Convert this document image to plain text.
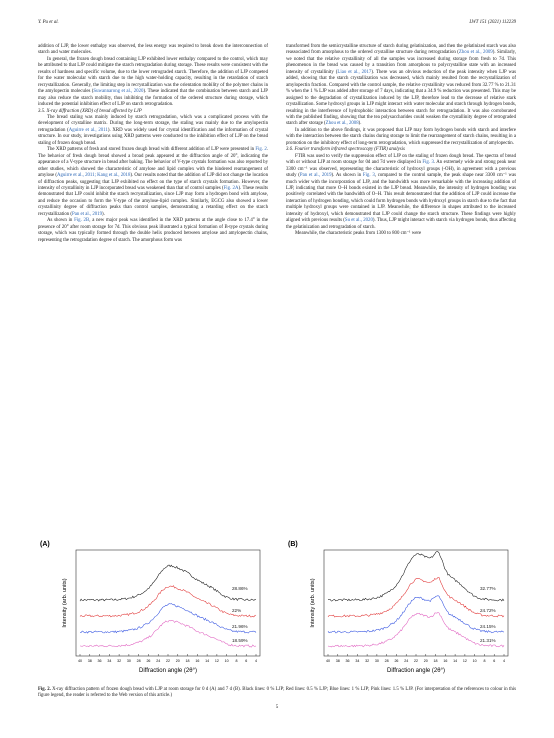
Y. Pu et al.	LWT 151 (2021) 112239

addition of LJP, the lower enthalpy was observed, the less energy was required to break down the interconnection of starch and water molecules.

In general, the frozen dough bread containing LJP exhibited lower enthalpy compared to the control, which may be attributed to that LJP could mitigate the starch retrogradation during storage. These results were consistent with the results of hardness and specific volume, due to the lower retrograded starch. Therefore, the addition of LJP competed for the water molecular with starch due to the high water-holding capacity, resulting in the retardation of starch recrystallization. Generally, the limiting step in recrystallization was the orientation mobility of the polymer chains in the amylopectin molecules (Suwannarong et al., 2020). These indicated that the combination between starch and LJP may also reduce the starch mobility, thus inhibiting the formation of the ordered structure during storage, which induced the potential inhibition effect of LJP on starch retrogradation.

3.5. X-ray diffraction (XRD) of bread affected by LJP

The bread staling was mainly induced by starch retrogradation, which was a complicated process with the development of crystalline matrix. During the long-term storage, the staling was mainly due to the amylopectin retrogradation (Aguirre et al., 2011). XRD was widely used for crystal identification and the information of crystal structure. In our study, investigations using XRD patterns were conducted to the inhibition effect of LJP on the bread staling of frozen dough bread.

The XRD patterns of fresh and stored frozen dough bread with different addition of LJP were presented in Fig. 2. The behavior of fresh dough bread showed a broad peak appeared at the diffraction angle of 20°, indicating the appearance of a V-type structure in bread after baking. The behavior of V-type crystals formation was also reported by other studies, which showed the characteristic of amylose and lipid complex with the hindered rearrangement of amylose (Aguirre et al., 2011; Kang et al., 2018). Our results noted that the addition of LJP did not change the location of diffraction peaks, suggesting that LJP exhibited no effect on the type of starch crystals formation. However, the intensity of crystallinity in LJP incorporated bread was weakened than that of control samples (Fig. 2A). These results demonstrated that LJP could inhibit the starch recrystallization, since LJP may form a hydrogen bond with amylose, and reduce the occasion to form the V-type of the amylose-lipid complex. Similarly, EGCG also showed a lower crystallinity degree of diffraction peaks than control samples, demonstrating a retarding effect on the starch recrystallization (Pan et al., 2019).

As shown in Fig. 2B, a new major peak was identified in the XRD patterns at the angle close to 17.4° in the presence of 20° after room storage for 7d. This obvious peak illustrated a typical formation of B-type crystals during storage, which was typically formed through the double helix produced between amylose and amylopectin chains, representing the retrogradation degree of starch. The amorphous form was

transformed from the semicrystalline structure of starch during gelatinization, and then the gelatinized starch was also reassociated from amorphous to the ordered crystalline structure during retrogradation (Zhou et al., 2009). Similarly, we noted that the relative crystallinity of all the samples was increased during storage from fresh to 7d. This phenomenon in the bread was caused by a transition from amorphous to polycrystalline state with an increased intensity of crystallinity (Liao et al., 2017). There was an obvious reduction of the peak intensity when LJP was added, showing that the starch crystallization was decreased, which mainly resulted from the recrystallization of amylopectin fraction. Compared with the control sample, the relative crystallinity was reduced from 32.77 % to 21.31 % when the 1 % LJP was added after storage of 7 days, indicating that a 34.9 % reduction was presented. This may be assigned to the degradation of crystallization induced by the LJP, therefore lead to the decrease of relative stark crystallization. Some hydroxyl groups in LJP might interact with water molecular and starch through hydrogen bonds, resulting in the interference of hydrophobic interaction between starch for retrogradation. It was also corroborated with the published finding, showing that the tea polysaccharides could weaken the crystallinity degree of retrograded starch after storage (Zhou et al., 2008).

In addition to the above findings, it was proposed that LJP may form hydrogen bonds with starch and interfere with the interaction between the starch chains during storage to limit the rearrangement of starch chains, resulting in a promotion on the inhibitory effect of long-term retrogradation, which suppressed the recrystallization of amylopectin.

3.6. Fourier transform infrared spectroscopy (FTIR) analysis

FTIR was used to verify the suppression effect of LJP on the staling of frozen dough bread. The spectra of bread with or without LJP at room storage for 0d and 7d were displayed in Fig. 3. An extremely wide and strong peak near 3300 cm⁻¹ was observed, representing the characteristic of hydroxyl groups (-OH), in agreement with a previous study (Pan et al., 2019). As shown in Fig. 3, compared to the control sample, the peak shape near 3300 cm⁻¹ was much wider with the incorporation of LJP, and the bandwidth was more remarkable with the increasing addition of LJP, indicating that more O–H bonds existed in the LJP bread. Meanwhile, the intensity of hydrogen bonding was positively correlated with the bandwidth of O–H. This result demonstrated that the addition of LJP could increase the interaction of hydrogen bonding, which could form hydrogen bonds with hydroxyl groups in starch due to the fact that multiple hydroxyl groups were contained in LJP. Meanwhile, the difference in shapes attributed to the increased intensity of hydroxyl, which demonstrated that LJP could change the starch structure. These findings were highly aligned with previous results (Su et al., 2020). Thus, LJP might interact with starch via hydrogen bonds, thus affecting the gelatinization and retrogradation of starch.

Meanwhile, the characteristic peaks from 1300 to 800 cm⁻¹ were

(A)
Intensity (arb. units)
40 38 36 34 32 30 28 26 24 22 20 18 16 14 12 10 8 6 4
Diffraction angle (2θ°)
28.86%
22%
21.96%
18.59%
(B)
Intensity (arb. units)
40 38 36 34 32 30 28 26 24 22 20 18 16 14 12 10 8 6 4
Diffraction angle (2θ°)
32.77%
24.72%
24.15%
21.31%
Fig. 2. X-ray diffraction pattern of frozen dough bread with LJP at room storage for 0 d (A) and 7 d (B). Black lines: 0 % LJP; Red lines: 0.5 % LJP; Blue lines: 1 % LJP; Pink lines: 1.5 % LJP. (For interpretation of the references to colour in this figure legend, the reader is referred to the Web version of this article.)
5
